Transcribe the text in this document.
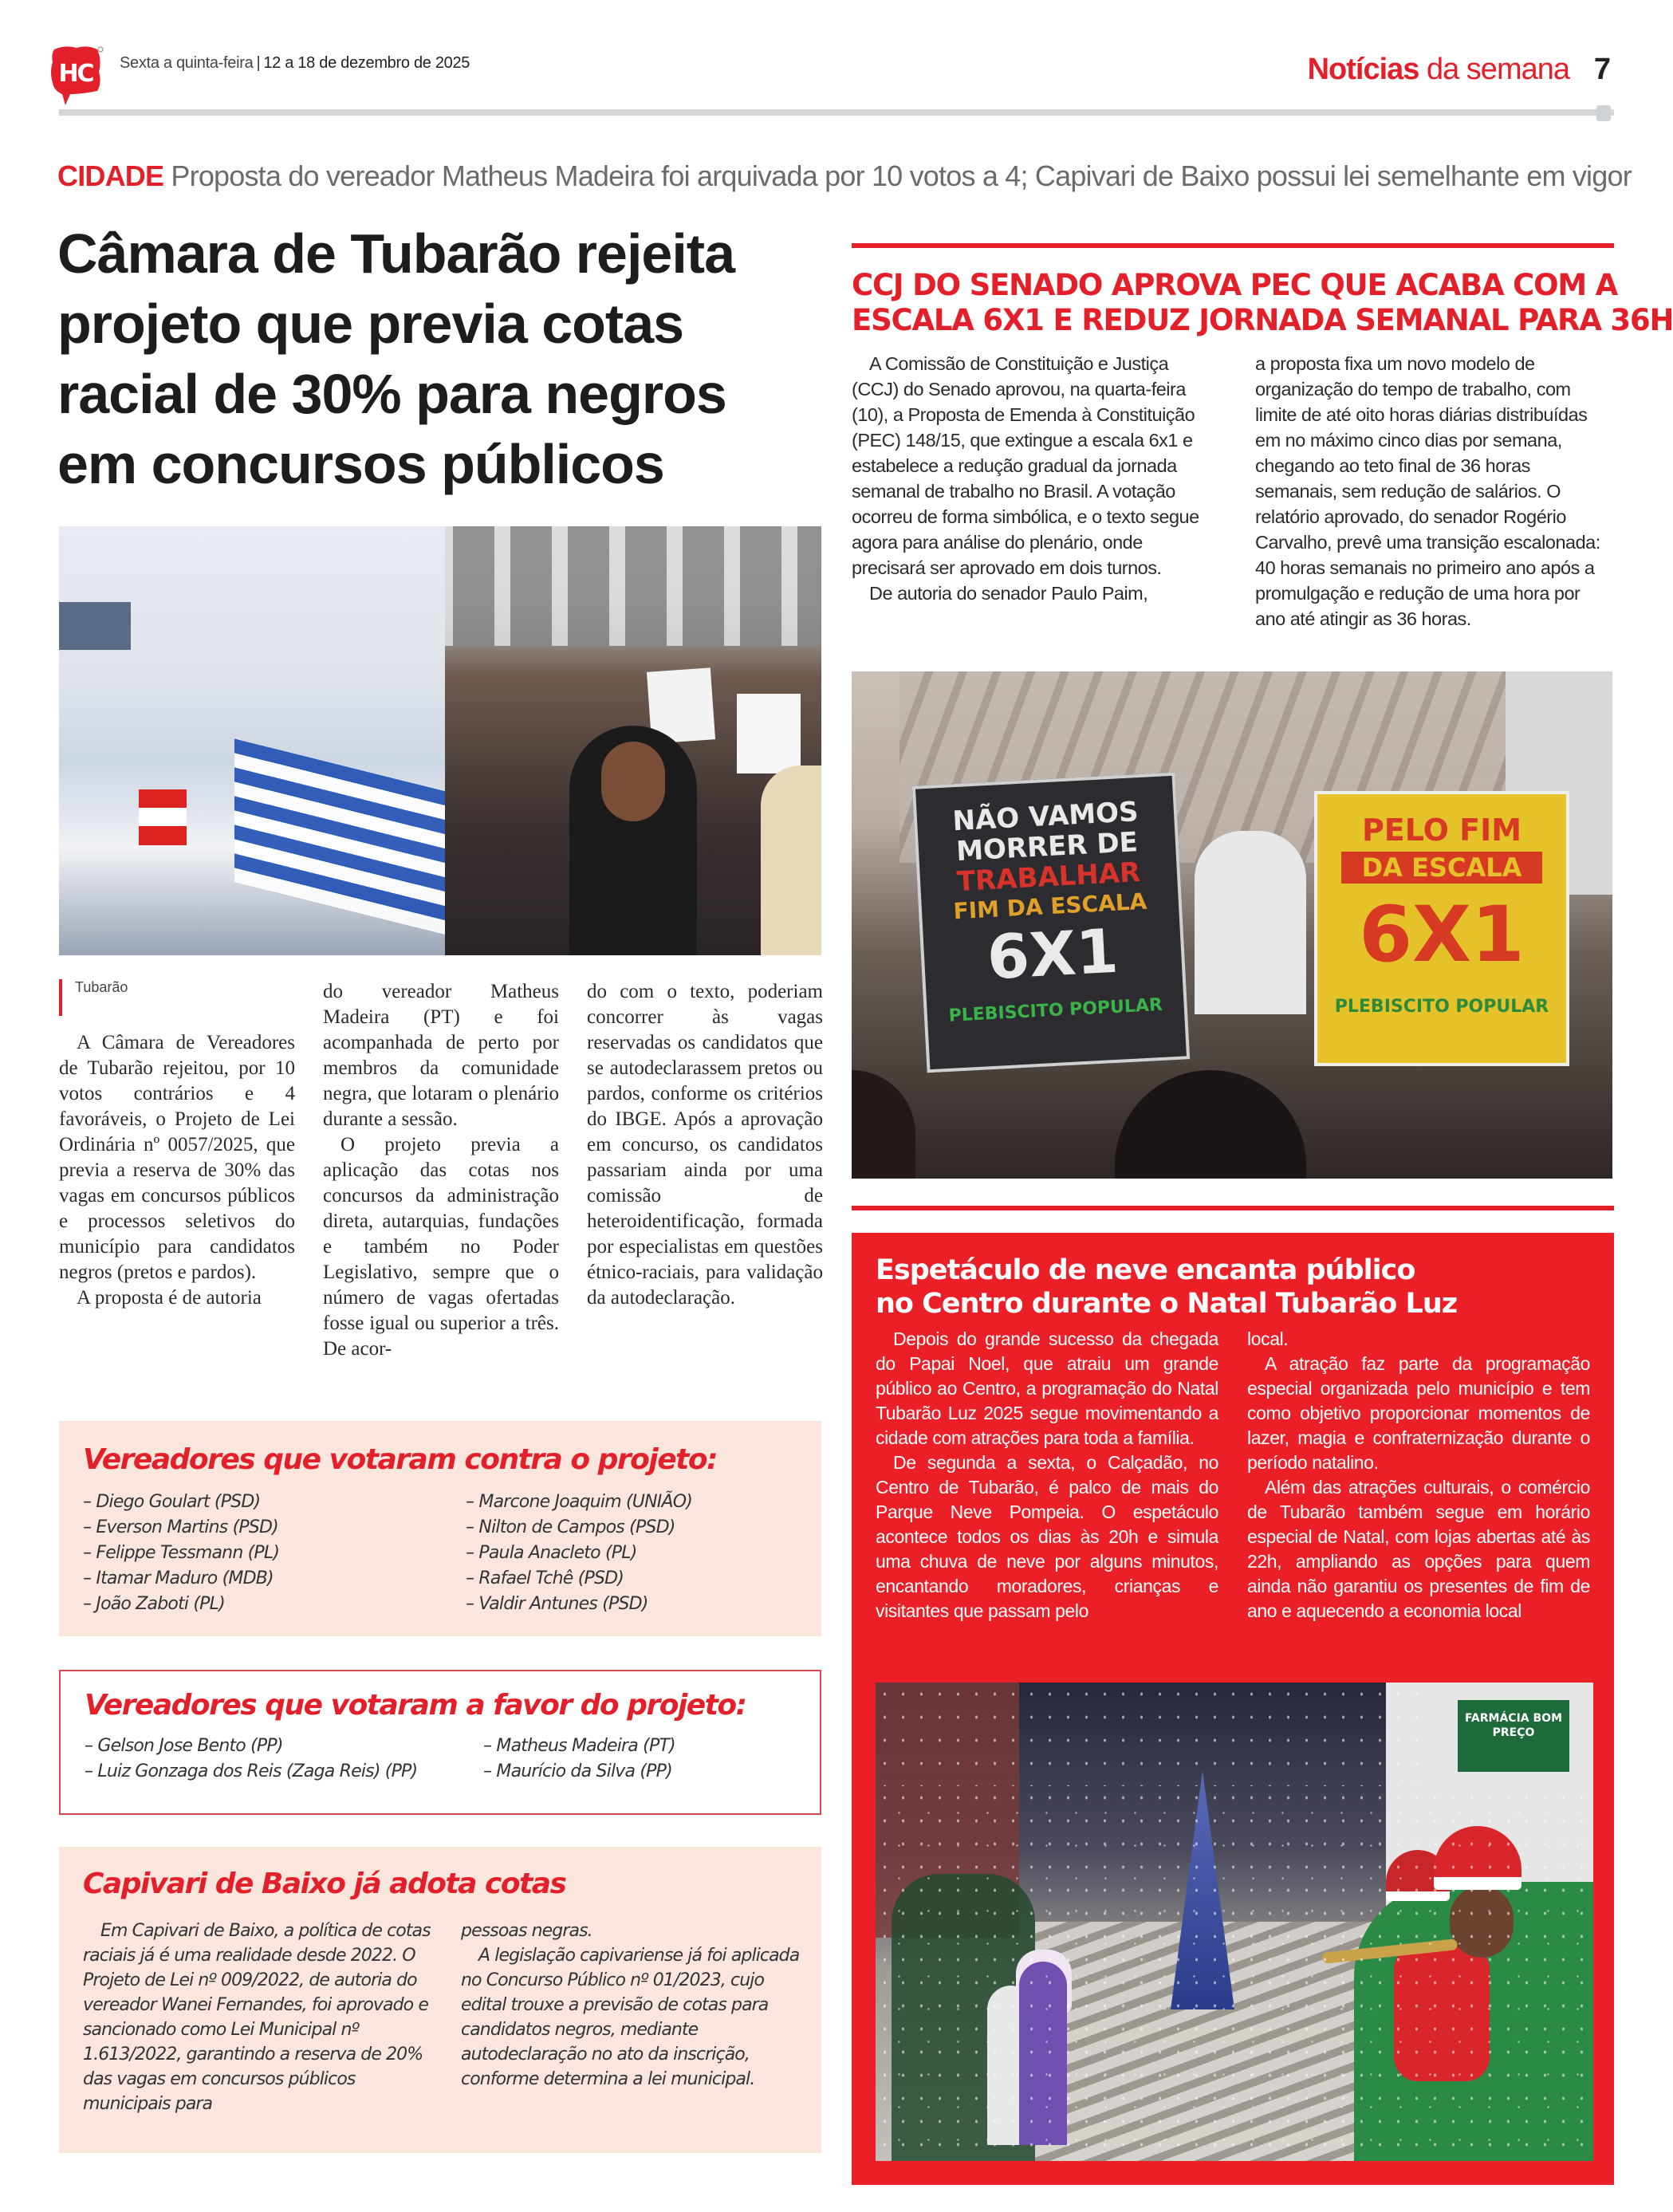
HC Sexta a quinta-feira | 12 a 18 de dezembro de 2025	Notícias da semana 7
CIDADE Proposta do vereador Matheus Madeira foi arquivada por 10 votos a 4; Capivari de Baixo possui lei semelhante em vigor
Câmara de Tubarão rejeita
projeto que previa cotas
racial de 30% para negros
em concursos públicos
Tubarão

A Câmara de Vereadores de Tubarão rejeitou, por 10 votos contrários e 4 favoráveis, o Projeto de Lei Ordinária nº 0057/2025, que previa a reserva de 30% das vagas em concursos públicos e processos seletivos do município para candidatos negros (pretos e pardos).

A proposta é de autoria

do vereador Matheus Madeira (PT) e foi acompanhada de perto por membros da comunidade negra, que lotaram o plenário durante a sessão.

O projeto previa a aplicação das cotas nos concursos da administração direta, autarquias, fundações e também no Poder Legislativo, sempre que o número de vagas ofertadas fosse igual ou superior a três. De acor-

do com o texto, poderiam concorrer às vagas reservadas os candidatos que se autodeclarassem pretos ou pardos, conforme os critérios do IBGE. Após a aprovação em concurso, os candidatos passariam ainda por uma comissão de heteroidentificação, formada por especialistas em questões étnico-raciais, para validação da autodeclaração.

Vereadores que votaram contra o projeto:
– Diego Goulart (PSD)
– Everson Martins (PSD)
– Felippe Tessmann (PL)
– Itamar Maduro (MDB)
– João Zaboti (PL)
– Marcone Joaquim (UNIÃO)
– Nilton de Campos (PSD)
– Paula Anacleto (PL)
– Rafael Tchê (PSD)
– Valdir Antunes (PSD)
Vereadores que votaram a favor do projeto:
– Gelson Jose Bento (PP)
– Luiz Gonzaga dos Reis (Zaga Reis) (PP)
– Matheus Madeira (PT)
– Maurício da Silva (PP)
Capivari de Baixo já adota cotas

Em Capivari de Baixo, a política de cotas raciais já é uma realidade desde 2022. O Projeto de Lei nº 009/2022, de autoria do vereador Wanei Fernandes, foi aprovado e sancionado como Lei Municipal nº 1.613/2022, garantindo a reserva de 20% das vagas em concursos públicos municipais para

pessoas negras.

A legislação capivariense já foi aplicada no Concurso Público nº 01/2023, cujo edital trouxe a previsão de cotas para candidatos negros, mediante autodeclaração no ato da inscrição, conforme determina a lei municipal.

CCJ DO SENADO APROVA PEC QUE ACABA COM A
ESCALA 6X1 E REDUZ JORNADA SEMANAL PARA 36H

A Comissão de Constituição e Justiça (CCJ) do Senado aprovou, na quarta-feira (10), a Proposta de Emenda à Constituição (PEC) 148/15, que extingue a escala 6x1 e estabelece a redução gradual da jornada semanal de trabalho no Brasil. A votação ocorreu de forma simbólica, e o texto segue agora para análise do plenário, onde precisará ser aprovado em dois turnos.

De autoria do senador Paulo Paim,

a proposta fixa um novo modelo de organização do tempo de trabalho, com limite de até oito horas diárias distribuídas em no máximo cinco dias por semana, chegando ao teto final de 36 horas semanais, sem redução de salários. O relatório aprovado, do senador Rogério Carvalho, prevê uma transição escalonada: 40 horas semanais no primeiro ano após a promulgação e redução de uma hora por ano até atingir as 36 horas.

NÃO VAMOS
MORRER DE
TRABALHAR
FIM DA ESCALA
6X1
PLEBISCITO POPULAR
PELO FIM
DA ESCALA
6X1
PLEBISCITO POPULAR
Espetáculo de neve encanta público
no Centro durante o Natal Tubarão Luz

Depois do grande sucesso da chegada do Papai Noel, que atraiu um grande público ao Centro, a programação do Natal Tubarão Luz 2025 segue movimentando a cidade com atrações para toda a família.

De segunda a sexta, o Calçadão, no Centro de Tubarão, é palco de mais do Parque Neve Pompeia. O espetáculo acontece todos os dias às 20h e simula uma chuva de neve por alguns minutos, encantando moradores, crianças e visitantes que passam pelo

local.

A atração faz parte da programação especial organizada pelo município e tem como objetivo proporcionar momentos de lazer, magia e confraternização durante o período natalino.

Além das atrações culturais, o comércio de Tubarão também segue em horário especial de Natal, com lojas abertas até às 22h, ampliando as opções para quem ainda não garantiu os presentes de fim de ano e aquecendo a economia local

FARMÁCIA BOM PREÇO
